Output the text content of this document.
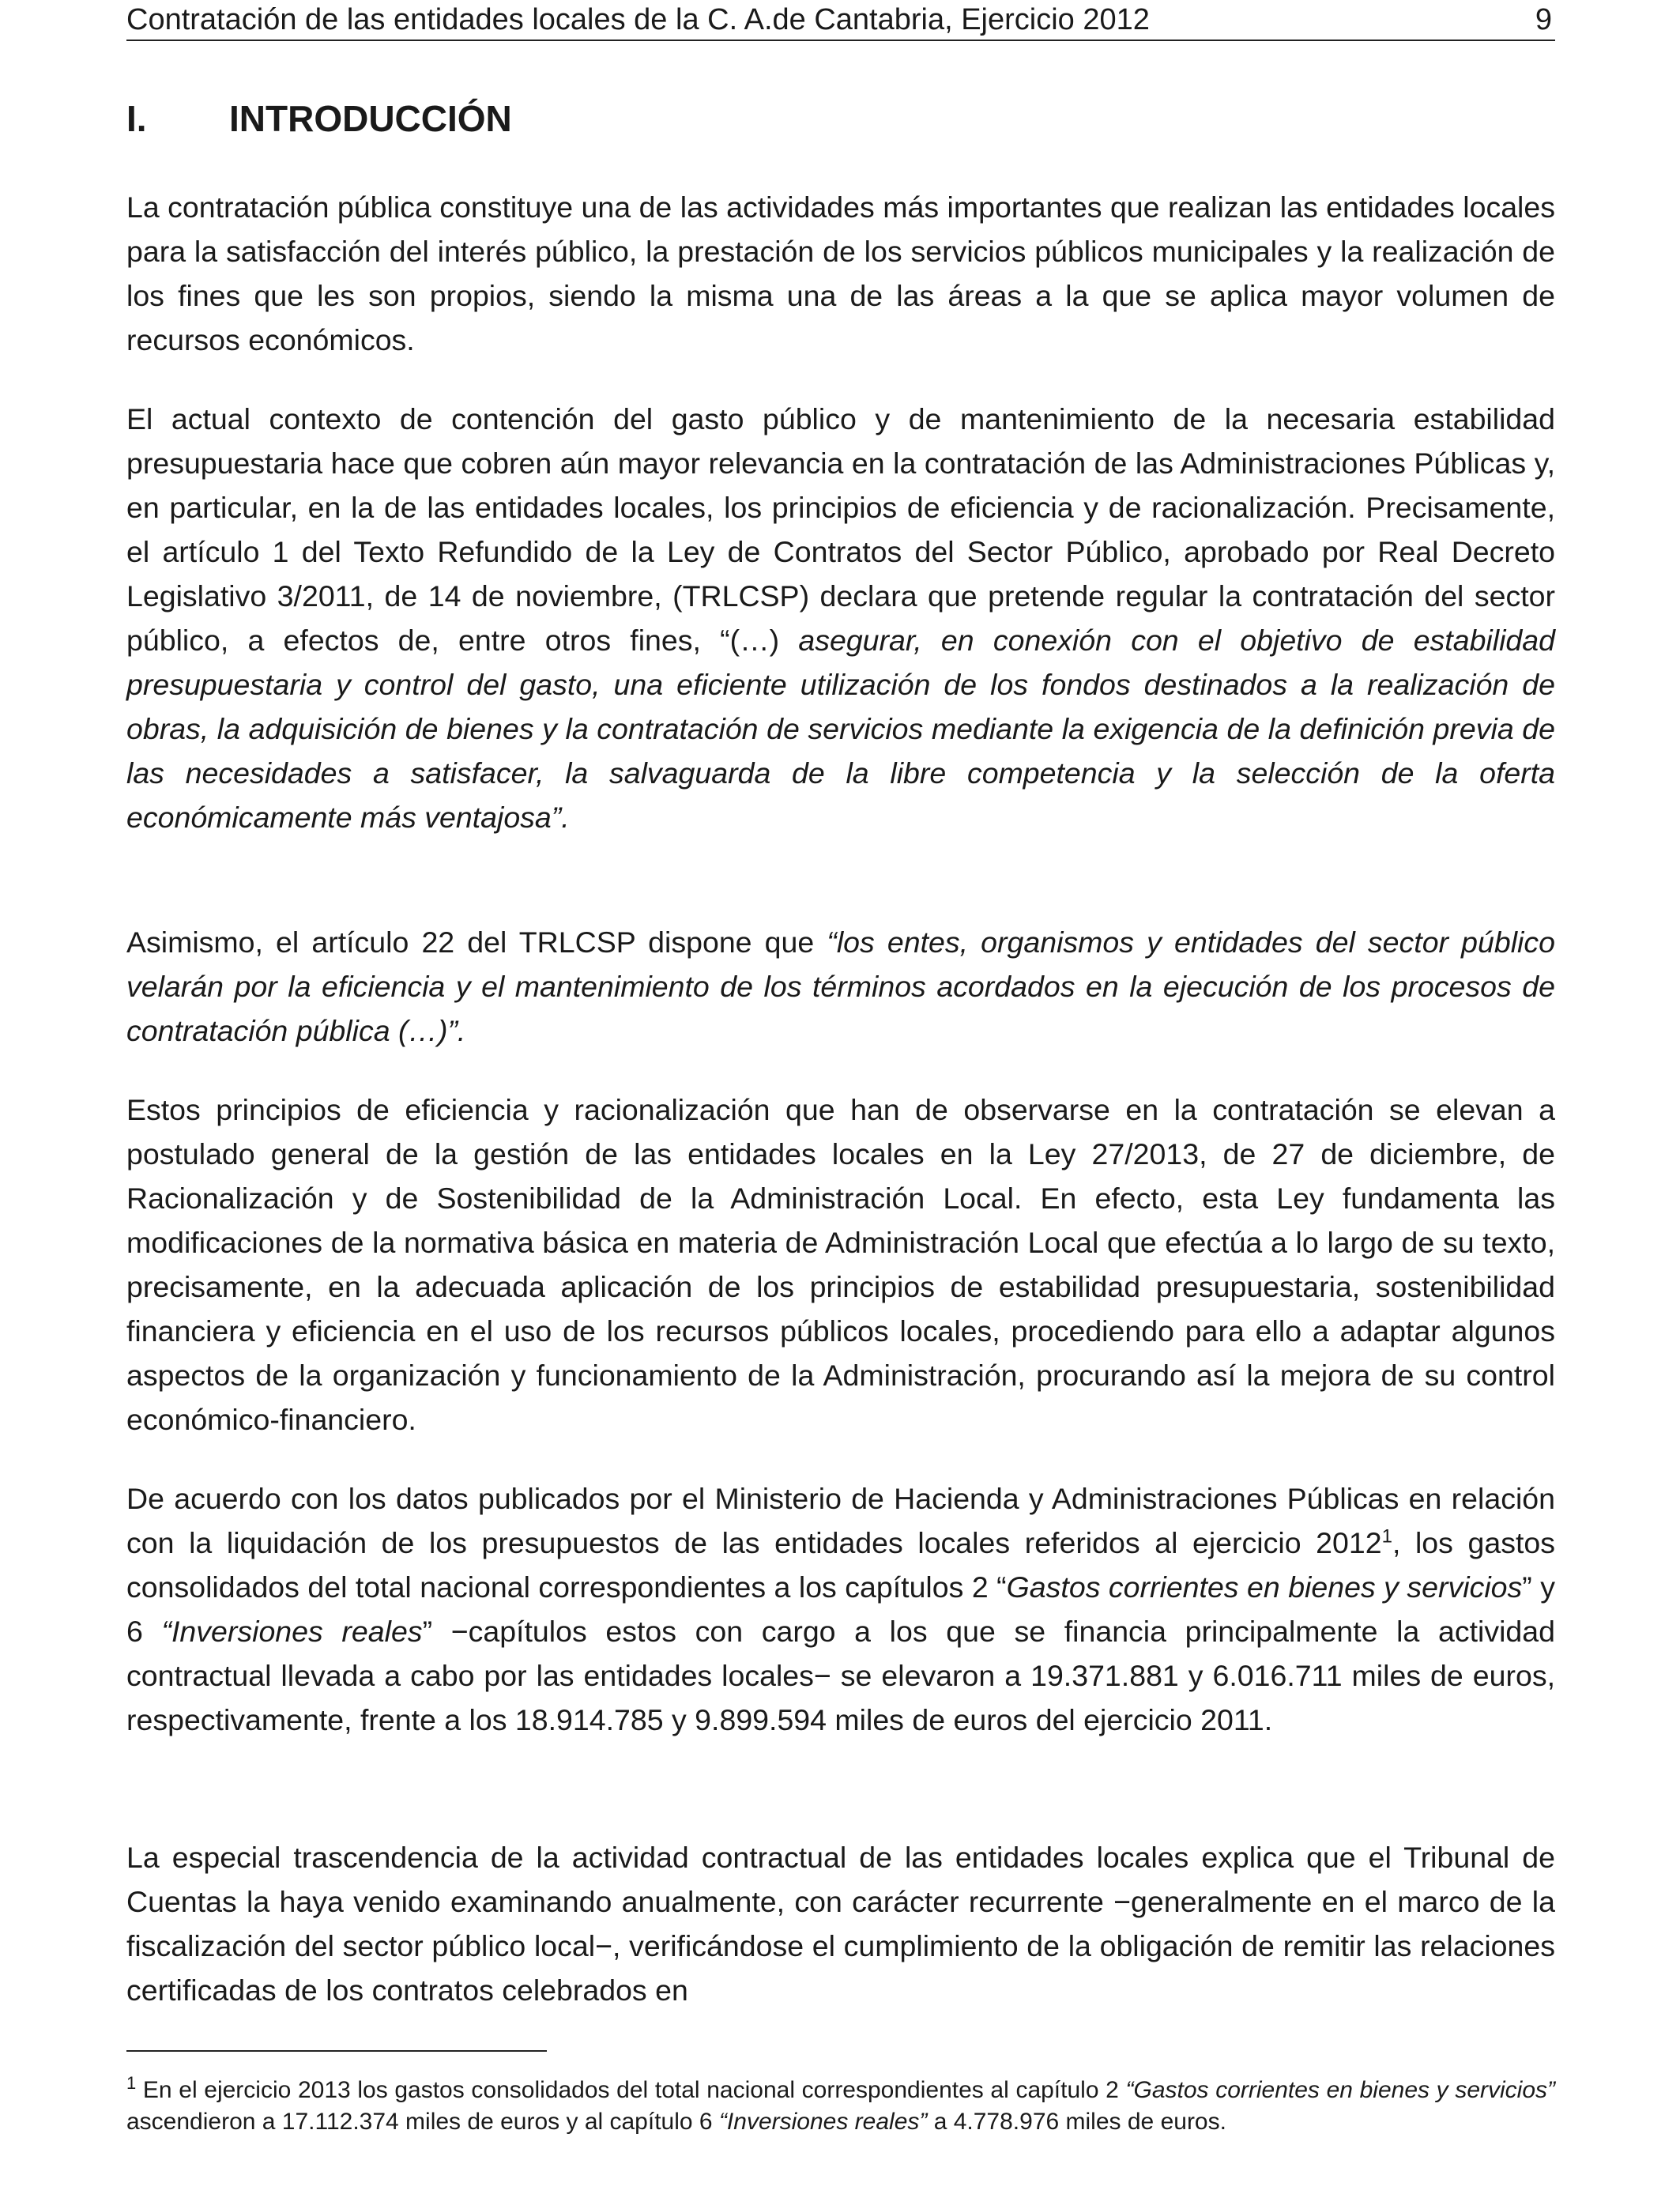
Contratación de las entidades locales de la C. A.de Cantabria, Ejercicio 2012	9
I. INTRODUCCIÓN

La contratación pública constituye una de las actividades más importantes que realizan las entidades locales para la satisfacción del interés público, la prestación de los servicios públicos municipales y la realización de los fines que les son propios, siendo la misma una de las áreas a la que se aplica mayor volumen de recursos económicos.

El actual contexto de contención del gasto público y de mantenimiento de la necesaria estabilidad presupuestaria hace que cobren aún mayor relevancia en la contratación de las Administraciones Públicas y, en particular, en la de las entidades locales, los principios de eficiencia y de racionalización. Precisamente, el artículo 1 del Texto Refundido de la Ley de Contratos del Sector Público, aprobado por Real Decreto Legislativo 3/2011, de 14 de noviembre, (TRLCSP) declara que pretende regular la contratación del sector público, a efectos de, entre otros fines, “(…) asegurar, en conexión con el objetivo de estabilidad presupuestaria y control del gasto, una eficiente utilización de los fondos destinados a la realización de obras, la adquisición de bienes y la contratación de servicios mediante la exigencia de la definición previa de las necesidades a satisfacer, la salvaguarda de la libre competencia y la selección de la oferta económicamente más ventajosa”.

Asimismo, el artículo 22 del TRLCSP dispone que “los entes, organismos y entidades del sector público velarán por la eficiencia y el mantenimiento de los términos acordados en la ejecución de los procesos de contratación pública (…)”.

Estos principios de eficiencia y racionalización que han de observarse en la contratación se elevan a postulado general de la gestión de las entidades locales en la Ley 27/2013, de 27 de diciembre, de Racionalización y de Sostenibilidad de la Administración Local. En efecto, esta Ley fundamenta las modificaciones de la normativa básica en materia de Administración Local que efectúa a lo largo de su texto, precisamente, en la adecuada aplicación de los principios de estabilidad presupuestaria, sostenibilidad financiera y eficiencia en el uso de los recursos públicos locales, procediendo para ello a adaptar algunos aspectos de la organización y funcionamiento de la Administración, procurando así la mejora de su control económico-financiero.

De acuerdo con los datos publicados por el Ministerio de Hacienda y Administraciones Públicas en relación con la liquidación de los presupuestos de las entidades locales referidos al ejercicio 2012$^1$, los gastos consolidados del total nacional correspondientes a los capítulos 2 “Gastos corrientes en bienes y servicios” y 6 “Inversiones reales” −capítulos estos con cargo a los que se financia principalmente la actividad contractual llevada a cabo por las entidades locales− se elevaron a 19.371.881 y 6.016.711 miles de euros, respectivamente, frente a los 18.914.785 y 9.899.594 miles de euros del ejercicio 2011.

La especial trascendencia de la actividad contractual de las entidades locales explica que el Tribunal de Cuentas la haya venido examinando anualmente, con carácter recurrente −generalmente en el marco de la fiscalización del sector público local−, verificándose el cumplimiento de la obligación de remitir las relaciones certificadas de los contratos celebrados en

$^1$ En el ejercicio 2013 los gastos consolidados del total nacional correspondientes al capítulo 2 “Gastos corrientes en bienes y servicios” ascendieron a 17.112.374 miles de euros y al capítulo 6 “Inversiones reales” a 4.778.976 miles de euros.
